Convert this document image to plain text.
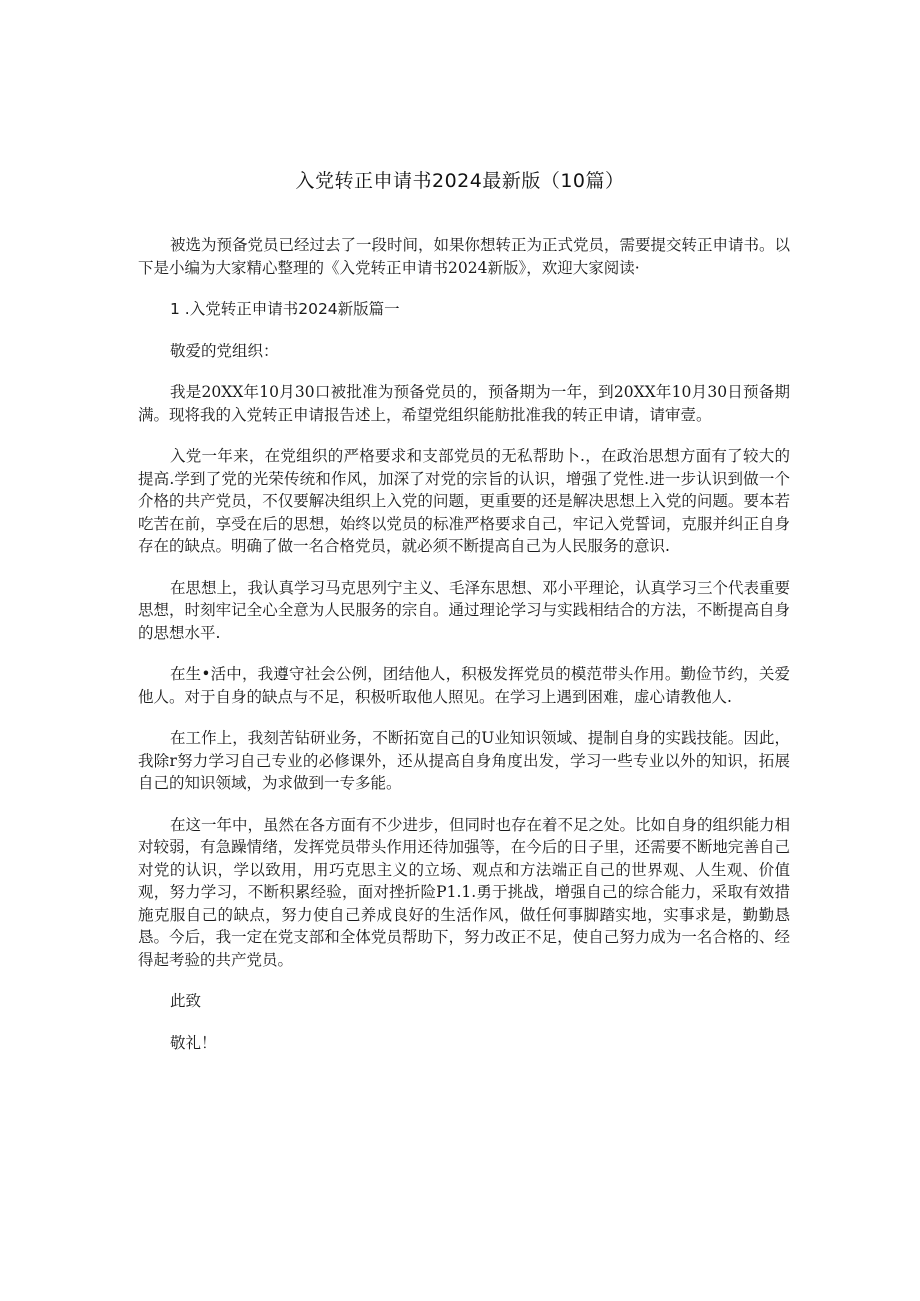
入党转正申请书2024最新版（10篇）

被选为预备党员已经过去了一段时间，如果你想转正为正式党员，需要提交转正申请书。以下是小编为大家精心整理的《入党转正申请书2024新版》，欢迎大家阅读·

1 .入党转正申请书2024新版篇一

敬爱的党组织：

我是20XX年10月30口被批准为预备党员的，预备期为一年，到20XX年10月30日预备期满。现将我的入党转正申请报告述上，希望党组织能舫批准我的转正申请，请审壹。

入党一年来，在党组织的严格要求和支部党员的无私帮助卜.，在政治思想方面有了较大的提高.学到了党的光荣传统和作风，加深了对党的宗旨的认识，增强了党性.进一步认识到做一个介格的共产党员，不仅要解决组织上入党的问题，更重要的还是解决思想上入党的问题。要本若吃苦在前，享受在后的思想，始终以党员的标准严格要求自己，牢记入党誓词，克服并纠正自身存在的缺点。明确了做一名合格党员，就必须不断提高自己为人民服务的意识.

在思想上，我认真学习马克思列宁主义、毛泽东思想、邓小平理论，认真学习三个代表重要思想，时刻牢记全心全意为人民服务的宗自。通过理论学习与实践相结合的方法，不断提高自身的思想水平.

在生•活中，我遵守社会公例，团结他人，积极发挥党员的模范带头作用。勤俭节约，关爱他人。对于自身的缺点与不足，积极听取他人照见。在学习上遇到困难，虚心请教他人.

在工作上，我刻苦钻研业务，不断拓宽自己的U业知识领域、提制自身的实践技能。因此，我除r努力学习自己专业的必修课外，还从提高自身角度出发，学习一些专业以外的知识，拓展自己的知识领域，为求做到一专多能。

在这一年中，虽然在各方面有不少进步，但同时也存在着不足之处。比如自身的组织能力相对较弱，有急躁情绪，发挥党员带头作用还待加强等，在今后的日子里，还需要不断地完善自己对党的认识，学以致用，用巧克思主义的立场、观点和方法端正自己的世界观、人生观、价值观，努力学习，不断积累经验，面对挫折险P1.1.勇于挑战，增强自己的综合能力，采取有效措施克服自己的缺点，努力使自己养成良好的生活作风，做任何事脚踏实地，实事求是，勤勤恳恳。今后，我一定在党支部和全体党员帮助下，努力改正不足，使自己努力成为一名合格的、经得起考验的共产党员。

此致

敬礼！
